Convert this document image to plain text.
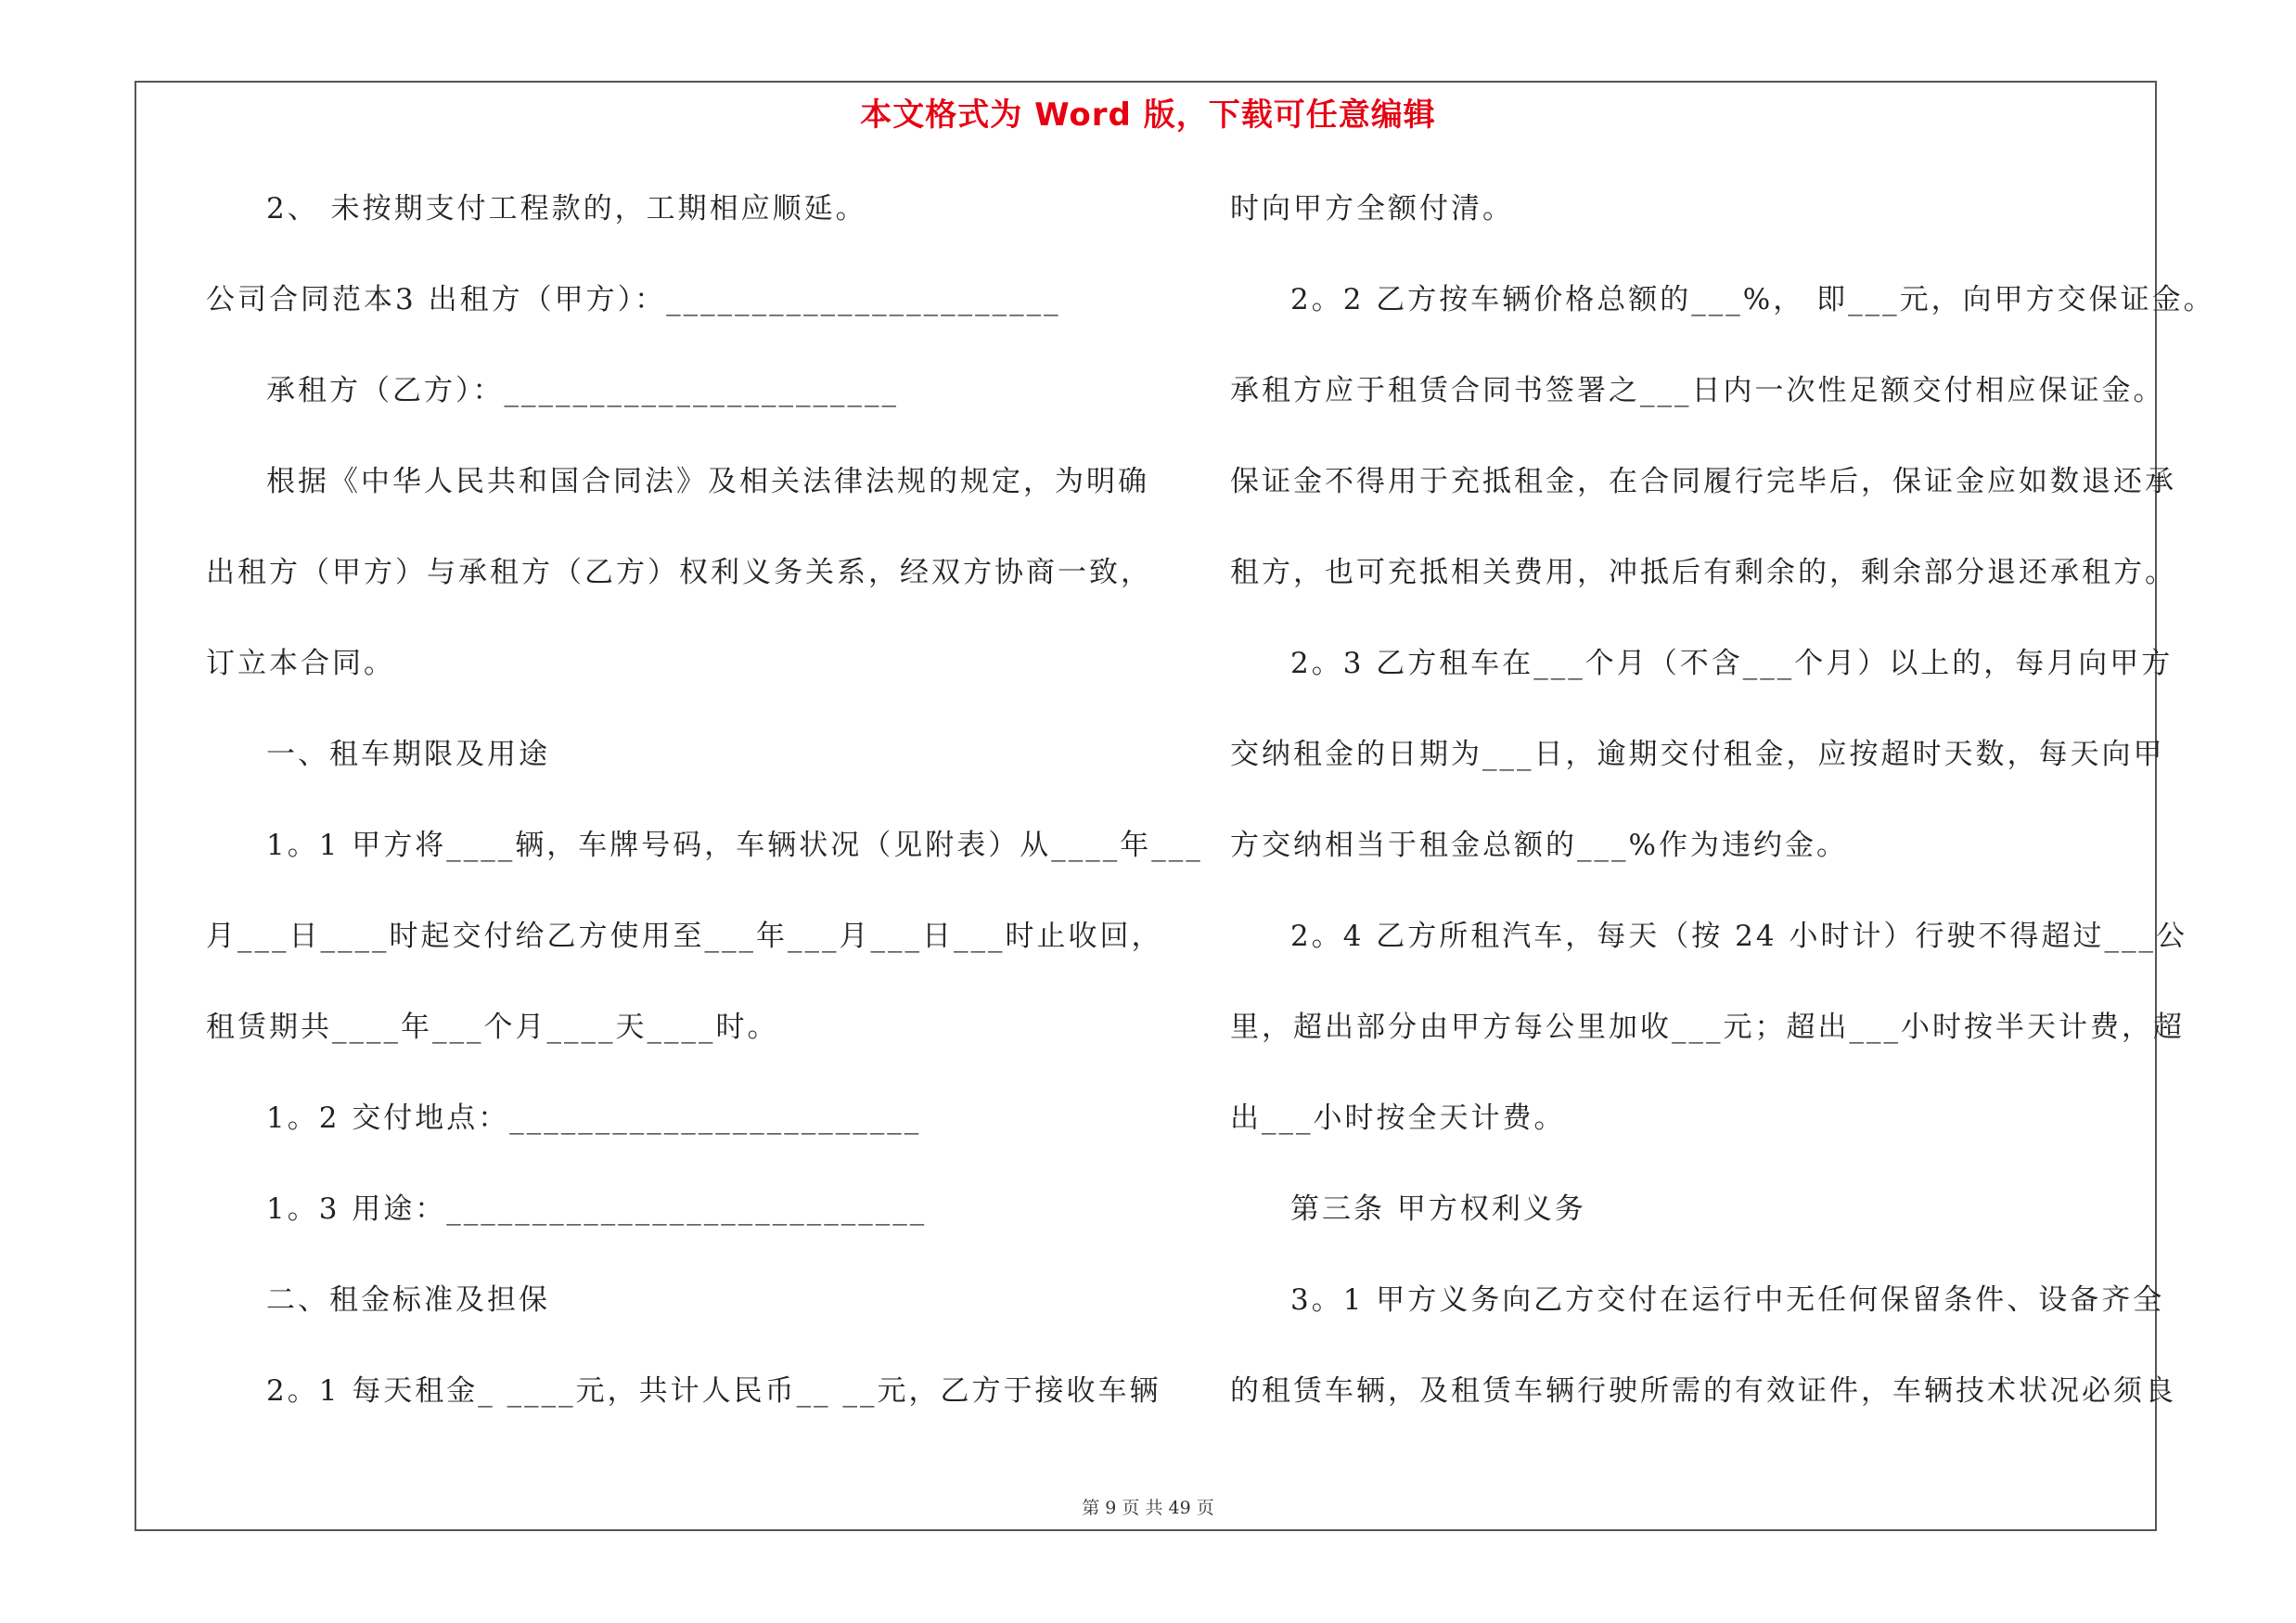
本文格式为 Word 版，下载可任意编辑
2、 未按期支付工程款的，工期相应顺延。
公司合同范本3 出租方（甲方）：_______________________
承租方（乙方）：_______________________
根据《中华人民共和国合同法》及相关法律法规的规定，为明确
出租方（甲方）与承租方（乙方）权利义务关系，经双方协商一致，
订立本合同。
一、租车期限及用途
1。1 甲方将____辆，车牌号码，车辆状况（见附表）从____年___
月___日____时起交付给乙方使用至___年___月___日___时止收回，
租赁期共____年___个月____天____时。
1。2 交付地点：________________________
1。3 用途：____________________________
二、租金标准及担保
2。1 每天租金_ ____元，共计人民币__ __元，乙方于接收车辆
时向甲方全额付清。
2。2 乙方按车辆价格总额的___%， 即___元，向甲方交保证金。
承租方应于租赁合同书签署之___日内一次性足额交付相应保证金。
保证金不得用于充抵租金，在合同履行完毕后，保证金应如数退还承
租方，也可充抵相关费用，冲抵后有剩余的，剩余部分退还承租方。
2。3 乙方租车在___个月（不含___个月）以上的，每月向甲方
交纳租金的日期为___日，逾期交付租金，应按超时天数，每天向甲
方交纳相当于租金总额的___%作为违约金。
2。4 乙方所租汽车，每天（按 24 小时计）行驶不得超过___公
里，超出部分由甲方每公里加收___元；超出___小时按半天计费，超
出___小时按全天计费。
第三条 甲方权利义务
3。1 甲方义务向乙方交付在运行中无任何保留条件、设备齐全
的租赁车辆，及租赁车辆行驶所需的有效证件，车辆技术状况必须良
第 9 页 共 49 页
